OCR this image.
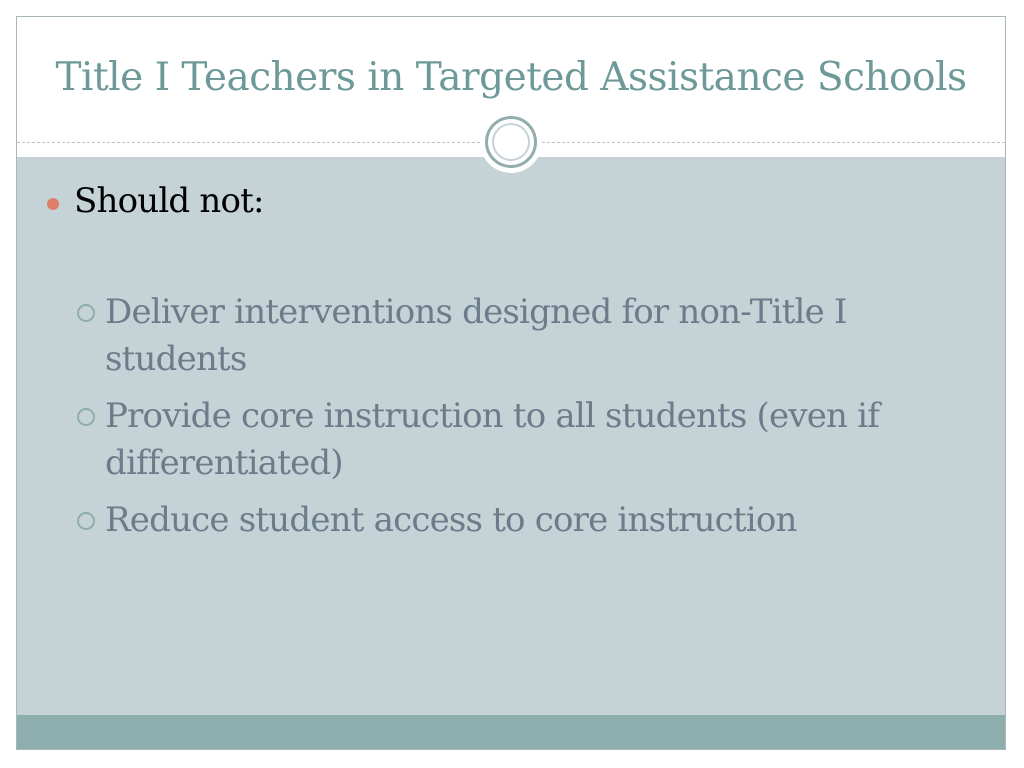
Title I Teachers in Targeted Assistance Schools
Should not:
Deliver interventions designed for non-Title I students
Provide core instruction to all students (even if differentiated)
Reduce student access to core instruction
